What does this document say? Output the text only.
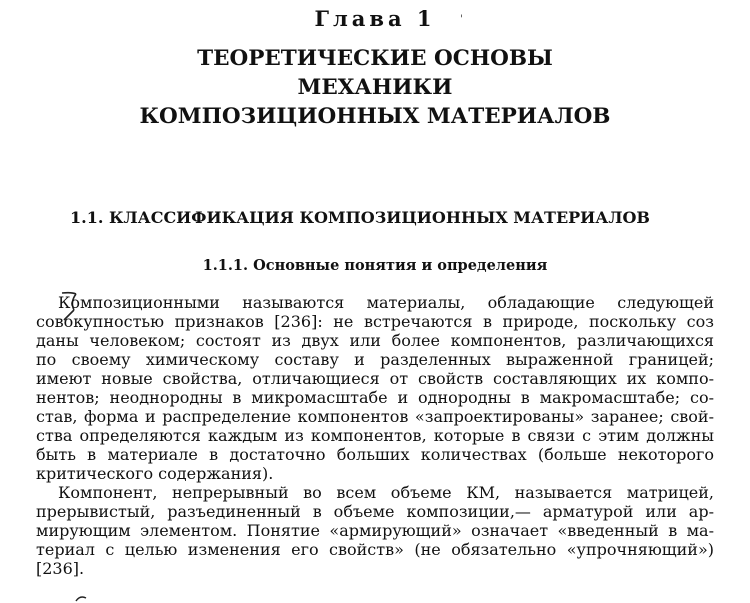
Глава 1	'
ТЕОРЕТИЧЕСКИЕ ОСНОВЫ
МЕХАНИКИ
КОМПОЗИЦИОННЫХ МАТЕРИАЛОВ
1.1. КЛАССИФИКАЦИЯ КОМПОЗИЦИОННЫХ МАТЕРИАЛОВ
1.1.1. Основные понятия и определения
Композиционными называются материалы, обладающие следующей
совокупностью признаков [236]: не встречаются в природе, поскольку соз
даны человеком; состоят из двух или более компонентов, различающихся
по своему химическому составу и разделенных выраженной границей;
имеют новые свойства, отличающиеся от свойств составляющих их компо-
нентов; неоднородны в микромасштабе и однородны в макромасштабе; со-
став, форма и распределение компонентов «запроектированы» заранее; свой-
ства определяются каждым из компонентов, которые в связи с этим должны
быть в материале в достаточно больших количествах (больше некоторого
критического содержания).
Компонент, непрерывный во всем объеме КМ, называется матрицей,
прерывистый, разъединенный в объеме композиции,— арматурой или ар-
мирующим элементом. Понятие «армирующий» означает «введенный в ма-
териал с целью изменения его свойств» (не обязательно «упрочняющий»)
[236].
